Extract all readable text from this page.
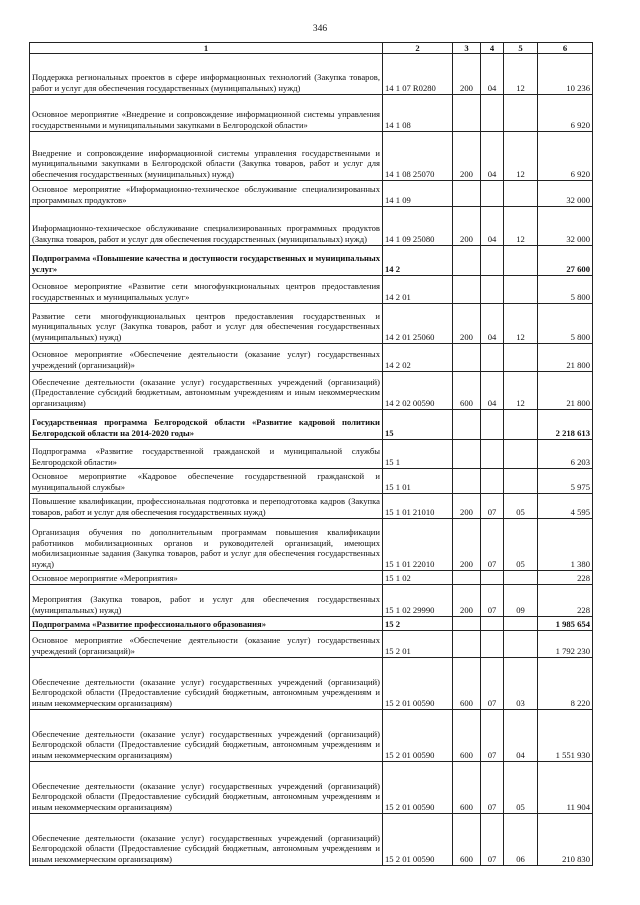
346
1	2	3	4	5	6
Поддержка региональных проектов в сфере информационных технологий (Закупка товаров, работ и услуг для обеспечения государственных (муниципальных) нужд)	14 1 07 R0280	200	04	12	10 236
Основное мероприятие «Внедрение и сопровождение информационной системы управления государственными и муниципальными закупками в Белгородской области»	14 1 08				6 920
Внедрение и сопровождение информационной системы управления государственными и муниципальными закупками в Белгородской области (Закупка товаров, работ и услуг для обеспечения государственных (муниципальных) нужд)	14 1 08 25070	200	04	12	6 920
Основное мероприятие «Информационно-техническое обслуживание специализированных программных продуктов»	14 1 09				32 000
Информационно-техническое обслуживание специализированных программных продуктов (Закупка товаров, работ и услуг для обеспечения государственных (муниципальных) нужд)	14 1 09 25080	200	04	12	32 000
Подпрограмма «Повышение качества и доступности государственных и муниципальных услуг»	14 2				27 600
Основное мероприятие «Развитие сети многофункциональных центров предоставления государственных и муниципальных услуг»	14 2 01				5 800
Развитие сети многофункциональных центров предоставления государственных и муниципальных услуг (Закупка товаров, работ и услуг для обеспечения государственных (муниципальных) нужд)	14 2 01 25060	200	04	12	5 800
Основное мероприятие «Обеспечение деятельности (оказание услуг) государственных учреждений (организаций)»	14 2 02				21 800
Обеспечение деятельности (оказание услуг) государственных учреждений (организаций) (Предоставление субсидий бюджетным, автономным учреждениям и иным некоммерческим организациям)	14 2 02 00590	600	04	12	21 800
Государственная программа Белгородской области «Развитие кадровой политики Белгородской области на 2014-2020 годы»	15				2 218 613
Подпрограмма «Развитие государственной гражданской и муниципальной службы Белгородской области»	15 1				6 203
Основное мероприятие «Кадровое обеспечение государственной гражданской и муниципальной службы»	15 1 01				5 975
Повышение квалификации, профессиональная подготовка и переподготовка кадров (Закупка товаров, работ и услуг для обеспечения государственных нужд)	15 1 01 21010	200	07	05	4 595
Организация обучения по дополнительным программам повышения квалификации работников мобилизационных органов и руководителей организаций, имеющих мобилизационные задания (Закупка товаров, работ и услуг для обеспечения государственных нужд)	15 1 01 22010	200	07	05	1 380
Основное мероприятие «Мероприятия»	15 1 02				228
Мероприятия (Закупка товаров, работ и услуг для обеспечения государственных (муниципальных) нужд)	15 1 02 29990	200	07	09	228
Подпрограмма «Развитие профессионального образования»	15 2				1 985 654
Основное мероприятие «Обеспечение деятельности (оказание услуг) государственных учреждений (организаций)»	15 2 01				1 792 230
Обеспечение деятельности (оказание услуг) государственных учреждений (организаций) Белгородской области (Предоставление субсидий бюджетным, автономным учреждениям и иным некоммерческим организациям)	15 2 01 00590	600	07	03	8 220
Обеспечение деятельности (оказание услуг) государственных учреждений (организаций) Белгородской области (Предоставление субсидий бюджетным, автономным учреждениям и иным некоммерческим организациям)	15 2 01 00590	600	07	04	1 551 930
Обеспечение деятельности (оказание услуг) государственных учреждений (организаций) Белгородской области (Предоставление субсидий бюджетным, автономным учреждениям и иным некоммерческим организациям)	15 2 01 00590	600	07	05	11 904
Обеспечение деятельности (оказание услуг) государственных учреждений (организаций) Белгородской области (Предоставление субсидий бюджетным, автономным учреждениям и иным некоммерческим организациям)	15 2 01 00590	600	07	06	210 830
